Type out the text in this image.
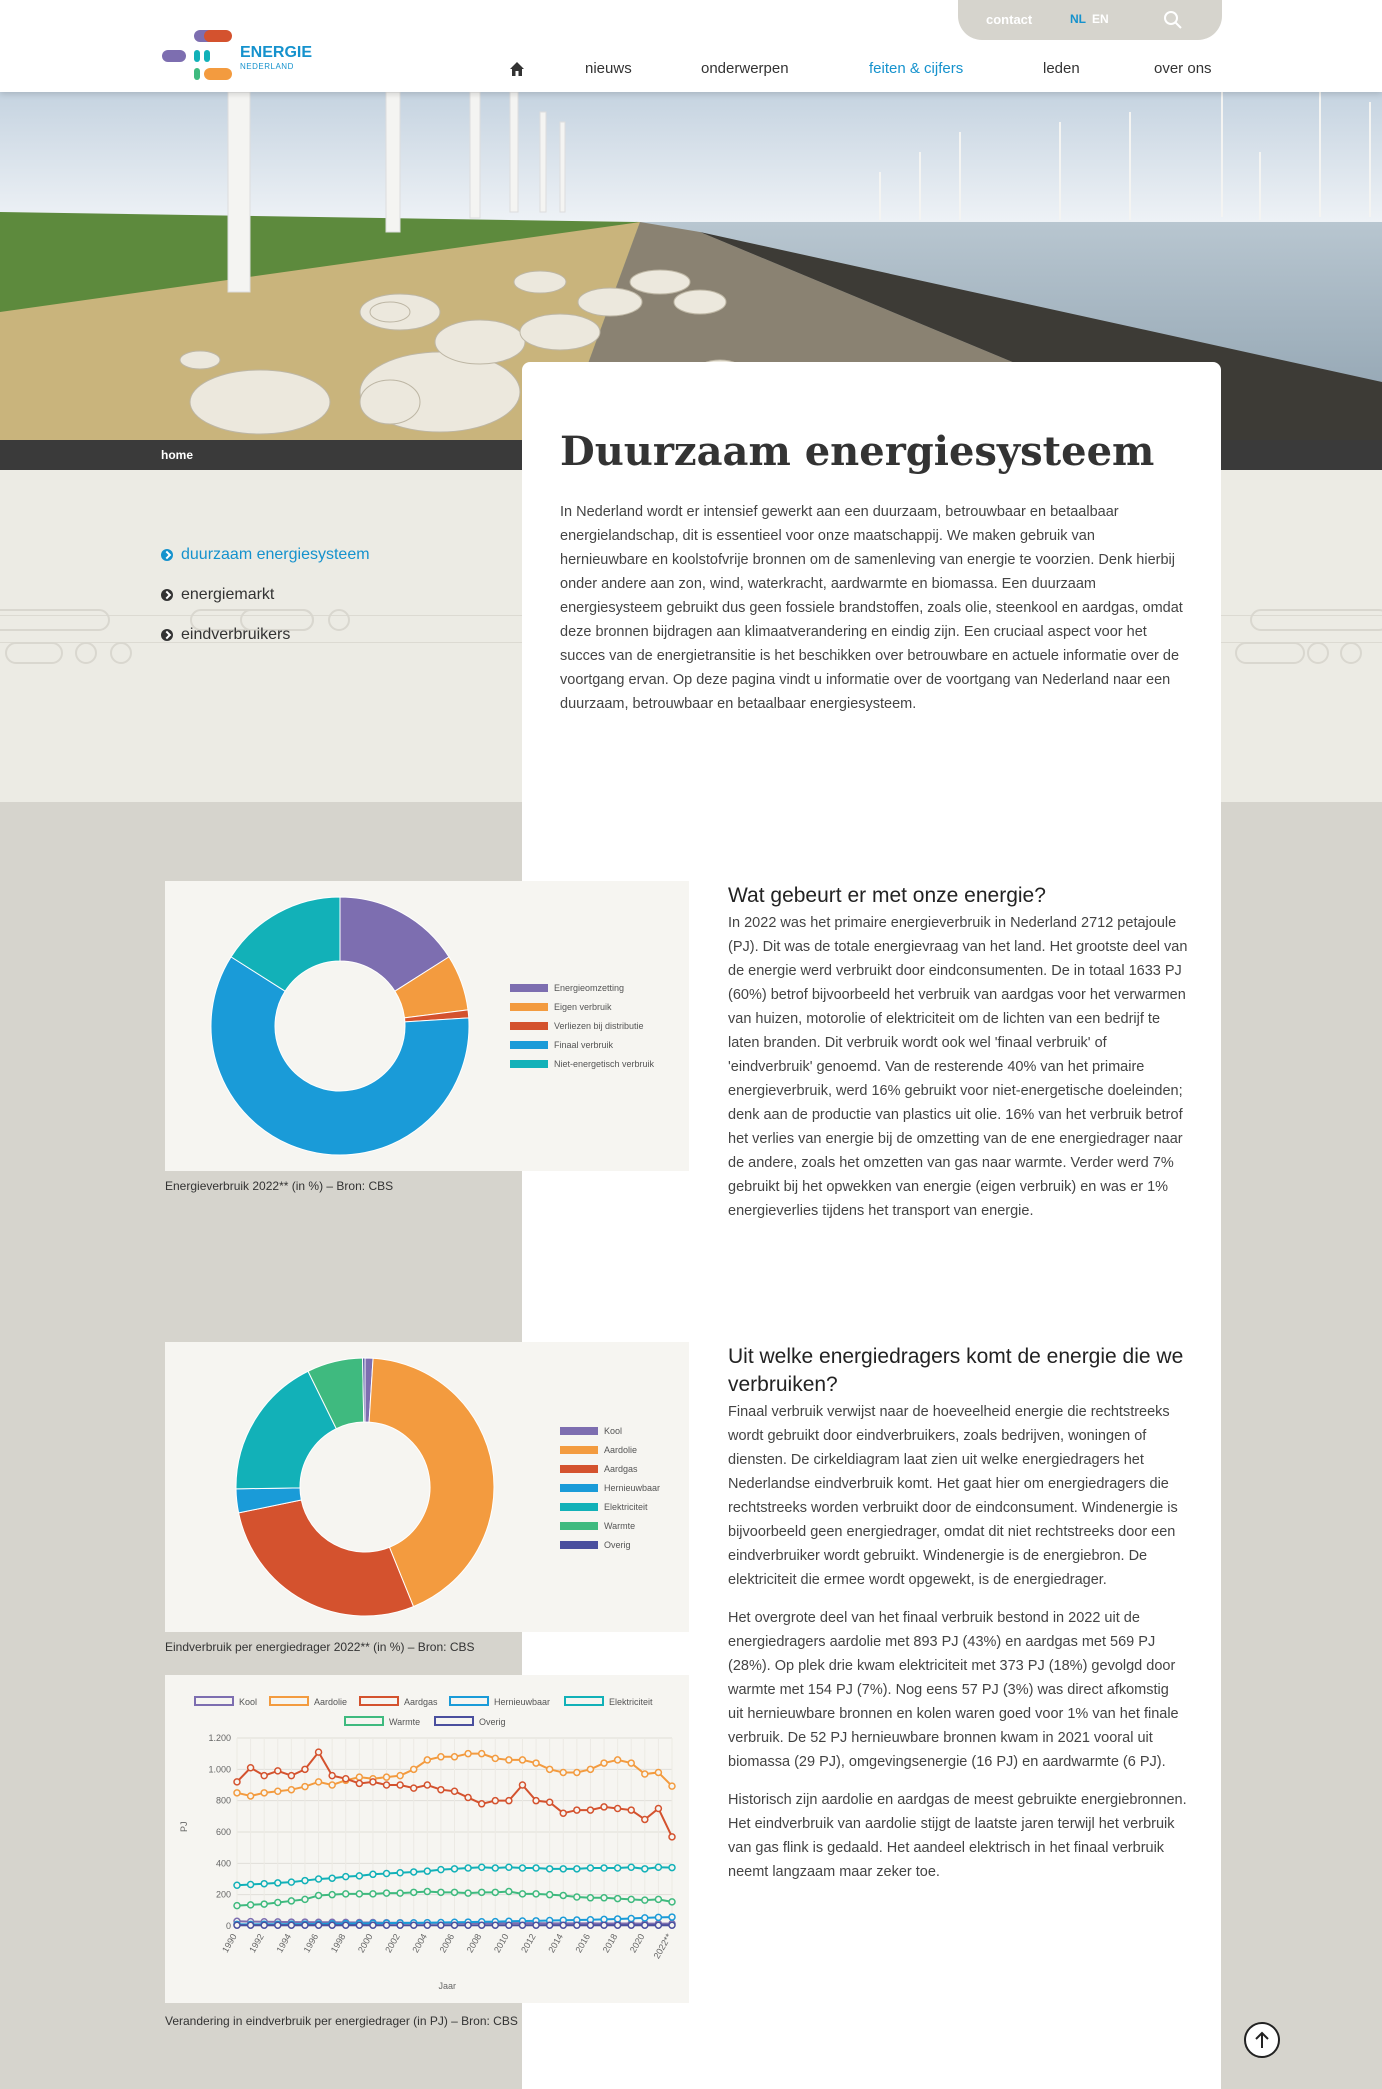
ENERGIE
NEDERLAND
contact	NL EN
nieuws	onderwerpen	feiten & cijfers	leden	over ons
home
duurzaam energiesysteem
energiemarkt
eindverbruikers
Duurzaam energiesysteem

In Nederland wordt er intensief gewerkt aan een duurzaam, betrouwbaar en betaalbaar energielandschap, dit is essentieel voor onze maatschappij. We maken gebruik van hernieuwbare en koolstofvrije bronnen om de samenleving van energie te voorzien. Denk hierbij onder andere aan zon, wind, waterkracht, aardwarmte en biomassa. Een duurzaam energiesysteem gebruikt dus geen fossiele brandstoffen, zoals olie, steenkool en aardgas, omdat deze bronnen bijdragen aan klimaatverandering en eindig zijn. Een cruciaal aspect voor het succes van de energietransitie is het beschikken over betrouwbare en actuele informatie over de voortgang ervan. Op deze pagina vindt u informatie over de voortgang van Nederland naar een duurzaam, betrouwbaar en betaalbaar energiesysteem.

Energieomzetting
Eigen verbruik
Verliezen bij distributie
Finaal verbruik
Niet-energetisch verbruik
Energieverbruik 2022** (in %) – Bron: CBS
Wat gebeurt er met onze energie?

In 2022 was het primaire energieverbruik in Nederland 2712 petajoule (PJ). Dit was de totale energievraag van het land. Het grootste deel van de energie werd verbruikt door eindconsumenten. De in totaal 1633 PJ (60%) betrof bijvoorbeeld het verbruik van aardgas voor het verwarmen van huizen, motorolie of elektriciteit om de lichten van een bedrijf te laten branden. Dit verbruik wordt ook wel 'finaal verbruik' of 'eindverbruik' genoemd. Van de resterende 40% van het primaire energieverbruik, werd 16% gebruikt voor niet-energetische doeleinden; denk aan de productie van plastics uit olie. 16% van het verbruik betrof het verlies van energie bij de omzetting van de ene energiedrager naar de andere, zoals het omzetten van gas naar warmte. Verder werd 7% gebruikt bij het opwekken van energie (eigen verbruik) en was er 1% energieverlies tijdens het transport van energie.

Kool
Aardolie
Aardgas
Hernieuwbaar
Elektriciteit
Warmte
Overig
Eindverbruik per energiedrager 2022** (in %) – Bron: CBS
Kool	Aardolie	Aardgas	Hernieuwbaar	Elektriciteit
Warmte	Overig
0
200
400
600
800
1.000
1.200
1990 1992 1994 1996 1998 2000 2002 2004 2006 2008 2010 2012 2014 2016 2018 2020 2022**
Jaar
PJ
Verandering in eindverbruik per energiedrager (in PJ) – Bron: CBS
Uit welke energiedragers komt de energie die we verbruiken?

Finaal verbruik verwijst naar de hoeveelheid energie die rechtstreeks wordt gebruikt door eindverbruikers, zoals bedrijven, woningen of diensten. De cirkeldiagram laat zien uit welke energiedragers het Nederlandse eindverbruik komt. Het gaat hier om energiedragers die rechtstreeks worden verbruikt door de eindconsument. Windenergie is bijvoorbeeld geen energiedrager, omdat dit niet rechtstreeks door een eindverbruiker wordt gebruikt. Windenergie is de energiebron. De elektriciteit die ermee wordt opgewekt, is de energiedrager.

Het overgrote deel van het finaal verbruik bestond in 2022 uit de energiedragers aardolie met 893 PJ (43%) en aardgas met 569 PJ (28%). Op plek drie kwam elektriciteit met 373 PJ (18%) gevolgd door warmte met 154 PJ (7%). Nog eens 57 PJ (3%) was direct afkomstig uit hernieuwbare bronnen en kolen waren goed voor 1% van het finale verbruik. De 52 PJ hernieuwbare bronnen kwam in 2021 vooral uit biomassa (29 PJ), omgevingsenergie (16 PJ) en aardwarmte (6 PJ).

Historisch zijn aardolie en aardgas de meest gebruikte energiebronnen. Het eindverbruik van aardolie stijgt de laatste jaren terwijl het verbruik van gas flink is gedaald. Het aandeel elektrisch in het finaal verbruik neemt langzaam maar zeker toe.
